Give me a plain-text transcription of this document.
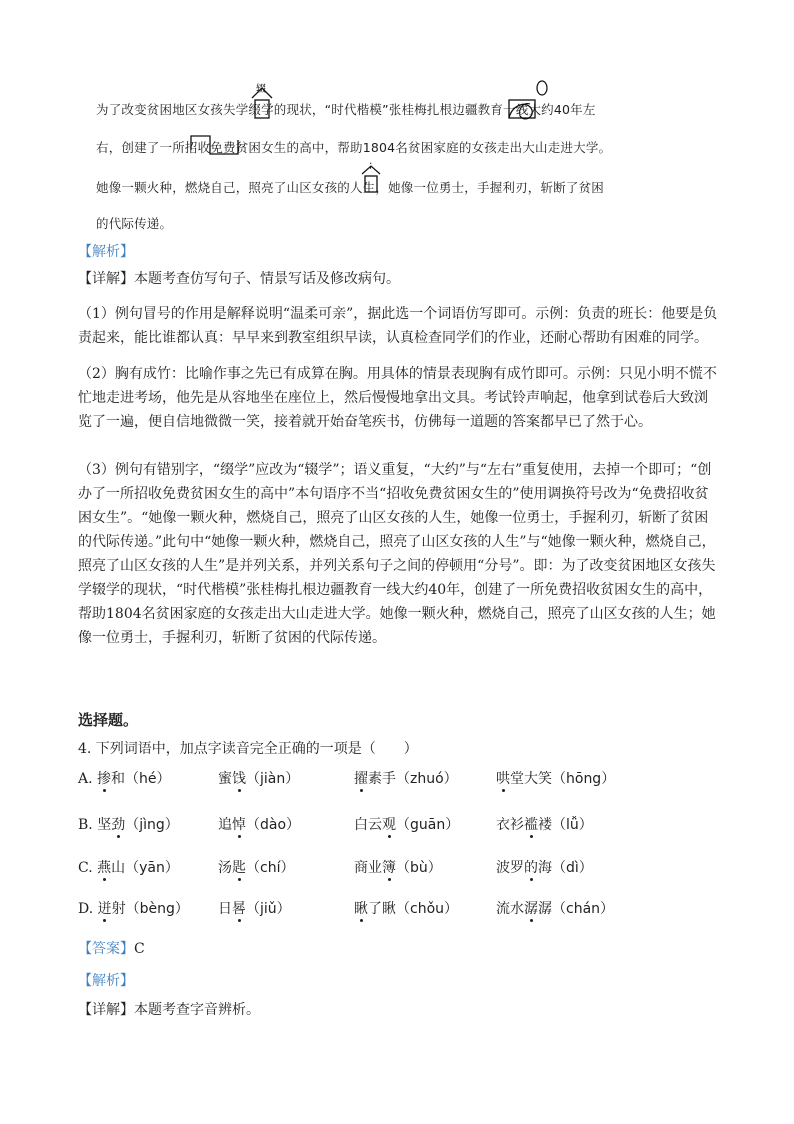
为了改变贫困地区女孩失学缀学的现状，“时代楷模”张桂梅扎根边疆教育一线大约40年左
右，创建了一所招收免费贫困女生的高中，帮助1804名贫困家庭的女孩走出大山走进大学。
她像一颗火种，燃烧自己，照亮了山区女孩的人生，她像一位勇士，手握利刃，斩断了贫困
的代际传递。
辍
;
【解析】
【详解】本题考查仿写句子、情景写话及修改病句。
（1）例句冒号的作用是解释说明“温柔可亲”，据此选一个词语仿写即可。示例：负责的班长：他要是负责起来，能比谁都认真：早早来到教室组织早读，认真检查同学们的作业，还耐心帮助有困难的同学。
（2）胸有成竹：比喻作事之先已有成算在胸。用具体的情景表现胸有成竹即可。示例：只见小明不慌不忙地走进考场，他先是从容地坐在座位上，然后慢慢地拿出文具。考试铃声响起，他拿到试卷后大致浏览了一遍，便自信地微微一笑，接着就开始奋笔疾书，仿佛每一道题的答案都早已了然于心。
（3）例句有错别字，“缀学”应改为“辍学”；语义重复，“大约”与“左右”重复使用，去掉一个即可；“创办了一所招收免费贫困女生的高中”本句语序不当“招收免费贫困女生的”使用调换符号改为“免费招收贫困女生”。“她像一颗火种，燃烧自己，照亮了山区女孩的人生，她像一位勇士，手握利刃，斩断了贫困的代际传递。”此句中“她像一颗火种，燃烧自己，照亮了山区女孩的人生”与“她像一颗火种，燃烧自己，照亮了山区女孩的人生”是并列关系，并列关系句子之间的停顿用“分号”。即：为了改变贫困地区女孩失学辍学的现状，“时代楷模”张桂梅扎根边疆教育一线大约40年，创建了一所免费招收贫困女生的高中，帮助1804名贫困家庭的女孩走出大山走进大学。她像一颗火种，燃烧自己，照亮了山区女孩的人生；她像一位勇士，手握利刃，斩断了贫困的代际传递。
选择题。
4. 下列词语中，加点字读音完全正确的一项是（　　）
A. 掺和（hé）	蜜饯（jiàn）	擢素手（zhuó）	哄堂大笑（hōng）
B. 坚劲（jìng）	追悼（dào）	白云观（guān）	衣衫褴褛（lǚ）
C. 燕山（yān）	汤匙（chí）	商业簿（bù）	波罗的海（dì）
D. 迸射（bèng） 日晷（jiǔ）	瞅了瞅（chǒu）	流水潺潺（chán）
【答案】C
【解析】
【详解】本题考查字音辨析。
